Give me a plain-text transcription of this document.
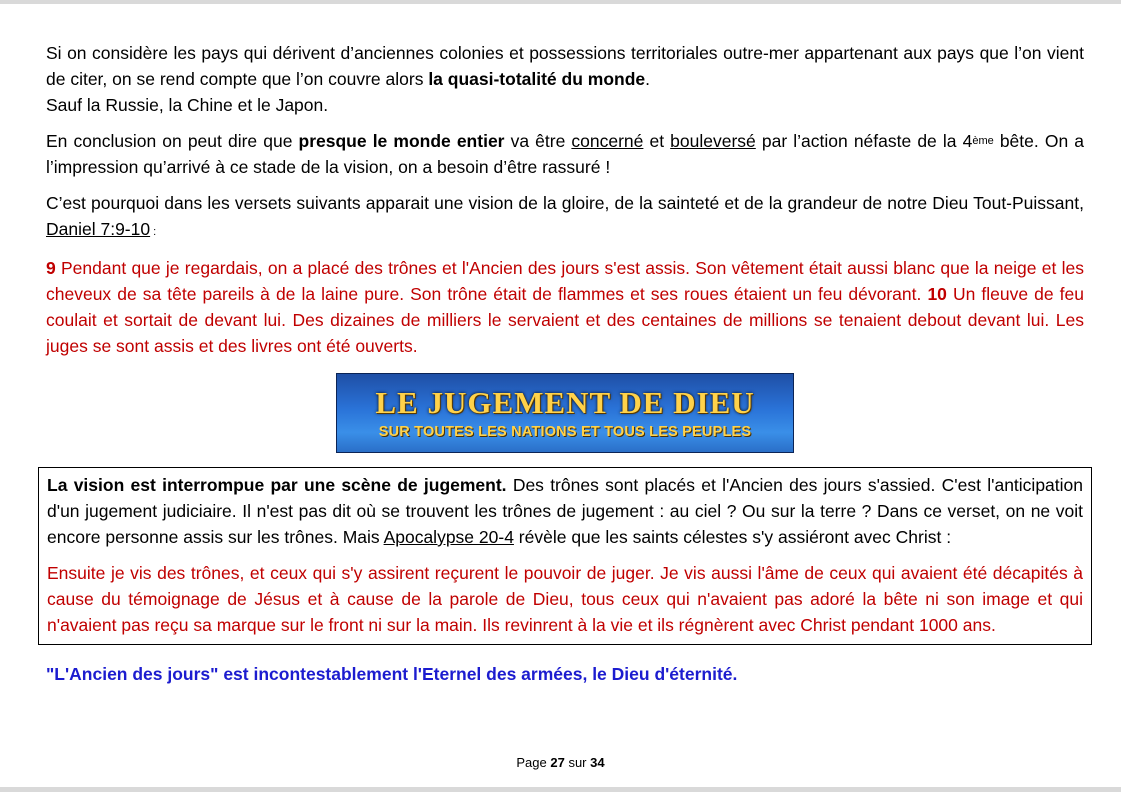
Si on considère les pays qui dérivent d’anciennes colonies et possessions territoriales outre-mer appartenant aux pays que l’on vient de citer, on se rend compte que l’on couvre alors la quasi-totalité du monde.

Sauf la Russie, la Chine et le Japon.

En conclusion on peut dire que presque le monde entier va être concerné et bouleversé par l’action néfaste de la 4ème bête. On a l’impression qu’arrivé à ce stade de la vision, on a besoin d’être rassuré !

C’est pourquoi dans les versets suivants apparait une vision de la gloire, de la sainteté et de la grandeur de notre Dieu Tout-Puissant, Daniel 7:9-10 :

9 Pendant que je regardais, on a placé des trônes et l'Ancien des jours s'est assis. Son vêtement était aussi blanc que la neige et les cheveux de sa tête pareils à de la laine pure. Son trône était de flammes et ses roues étaient un feu dévorant. 10 Un fleuve de feu coulait et sortait de devant lui. Des dizaines de milliers le servaient et des centaines de millions se tenaient debout devant lui. Les juges se sont assis et des livres ont été ouverts.

LE JUGEMENT DE DIEU
SUR TOUTES LES NATIONS ET TOUS LES PEUPLES

La vision est interrompue par une scène de jugement. Des trônes sont placés et l'Ancien des jours s'assied. C'est l'anticipation d'un jugement judiciaire. Il n'est pas dit où se trouvent les trônes de jugement : au ciel ? Ou sur la terre ? Dans ce verset, on ne voit encore personne assis sur les trônes. Mais Apocalypse 20-4 révèle que les saints célestes s'y assiéront avec Christ :

Ensuite je vis des trônes, et ceux qui s'y assirent reçurent le pouvoir de juger. Je vis aussi l'âme de ceux qui avaient été décapités à cause du témoignage de Jésus et à cause de la parole de Dieu, tous ceux qui n'avaient pas adoré la bête ni son image et qui n'avaient pas reçu sa marque sur le front ni sur la main. Ils revinrent à la vie et ils régnèrent avec Christ pendant 1000 ans.

"L'Ancien des jours" est incontestablement l'Eternel des armées, le Dieu d'éternité.

Page 27 sur 34
